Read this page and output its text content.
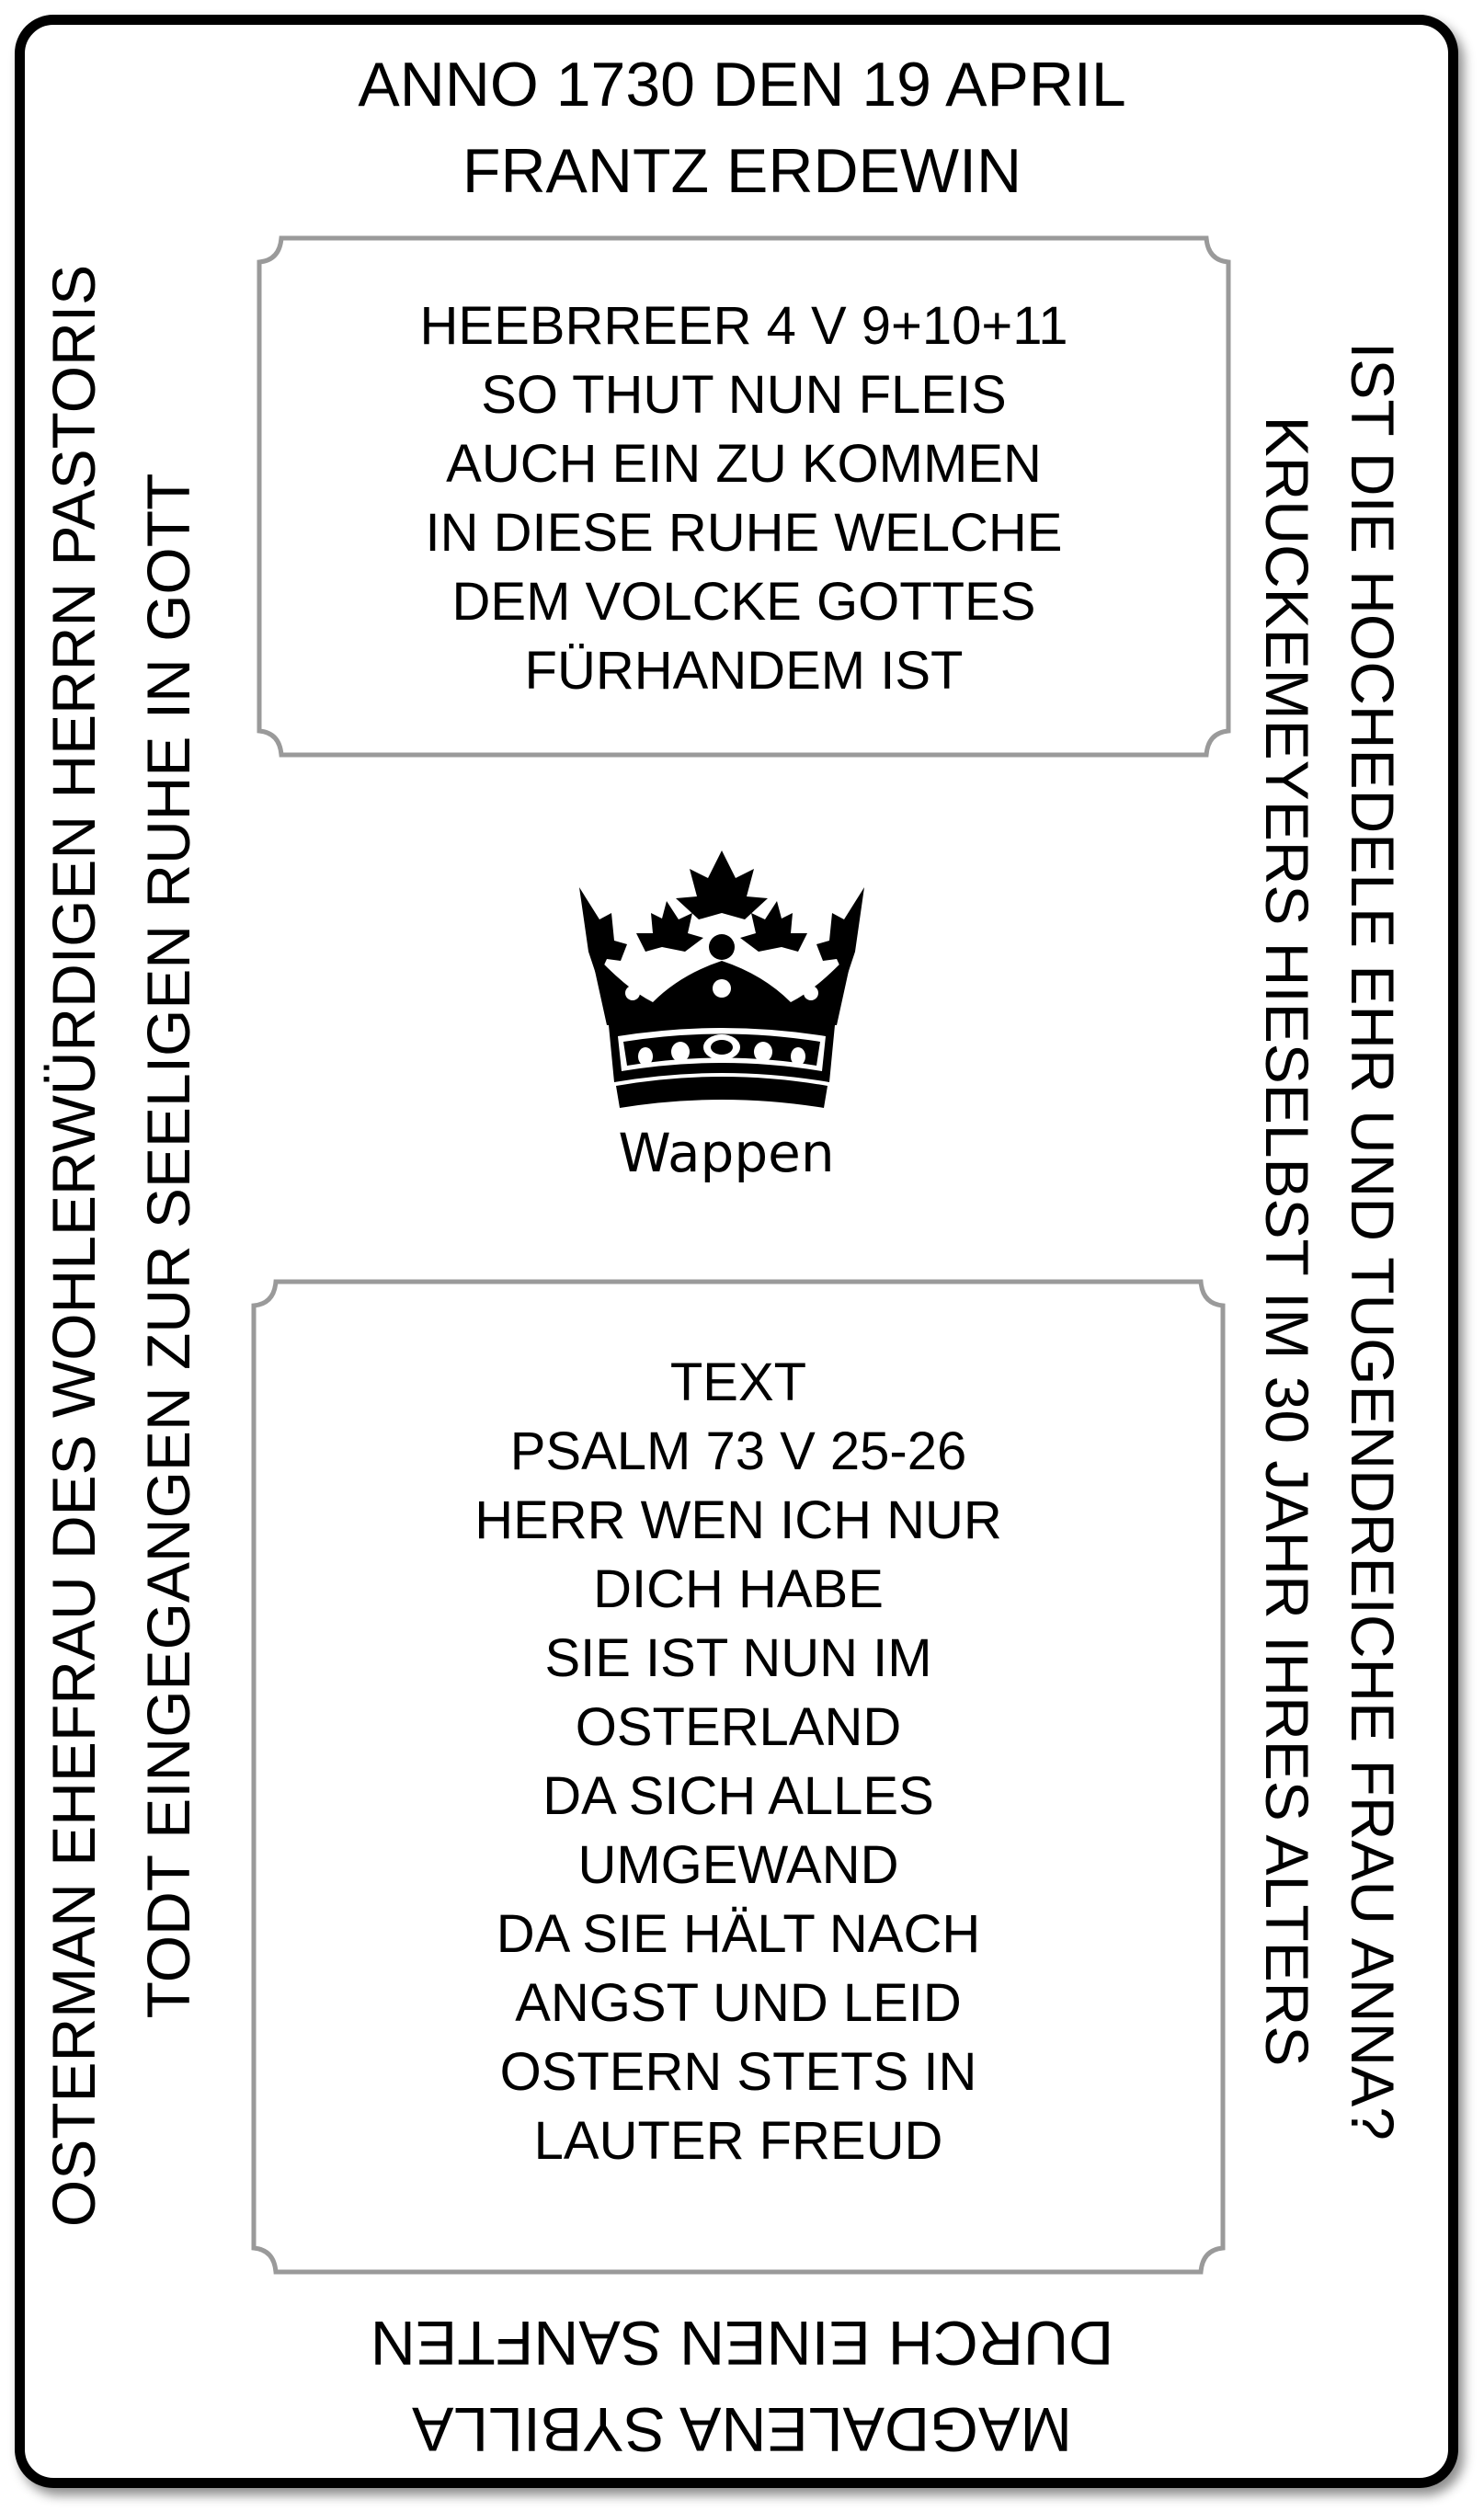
ANNO 1730 DEN 19 APRIL
FRANTZ ERDEWIN
OSTERMAN EHEFRAU DES WOHLERWÜRDIGEN HERRN PASTORIS TODT EINGEGANGEN ZUR SEELIGEN RUHE IN GOTT	IST DIE HOCHEDELE EHR UND TUGENDREICHE FRAU ANNA?
KRUCKEMEYERS HIESELBST IM 30 JAHR IHRES ALTERS
DURCH EINEN SANFTEN
MAGDALENA SYBILLA
HEEBRREER 4 V 9+10+11
SO THUT NUN FLEIS
AUCH EIN ZU KOMMEN
IN DIESE RUHE WELCHE
DEM VOLCKE GOTTES
FÜRHANDEM IST
Wappen
TEXT
PSALM 73 V 25-26
HERR WEN ICH NUR
DICH HABE
SIE IST NUN IM
OSTERLAND
DA SICH ALLES
UMGEWAND
DA SIE HÄLT NACH
ANGST UND LEID
OSTERN STETS IN
LAUTER FREUD
